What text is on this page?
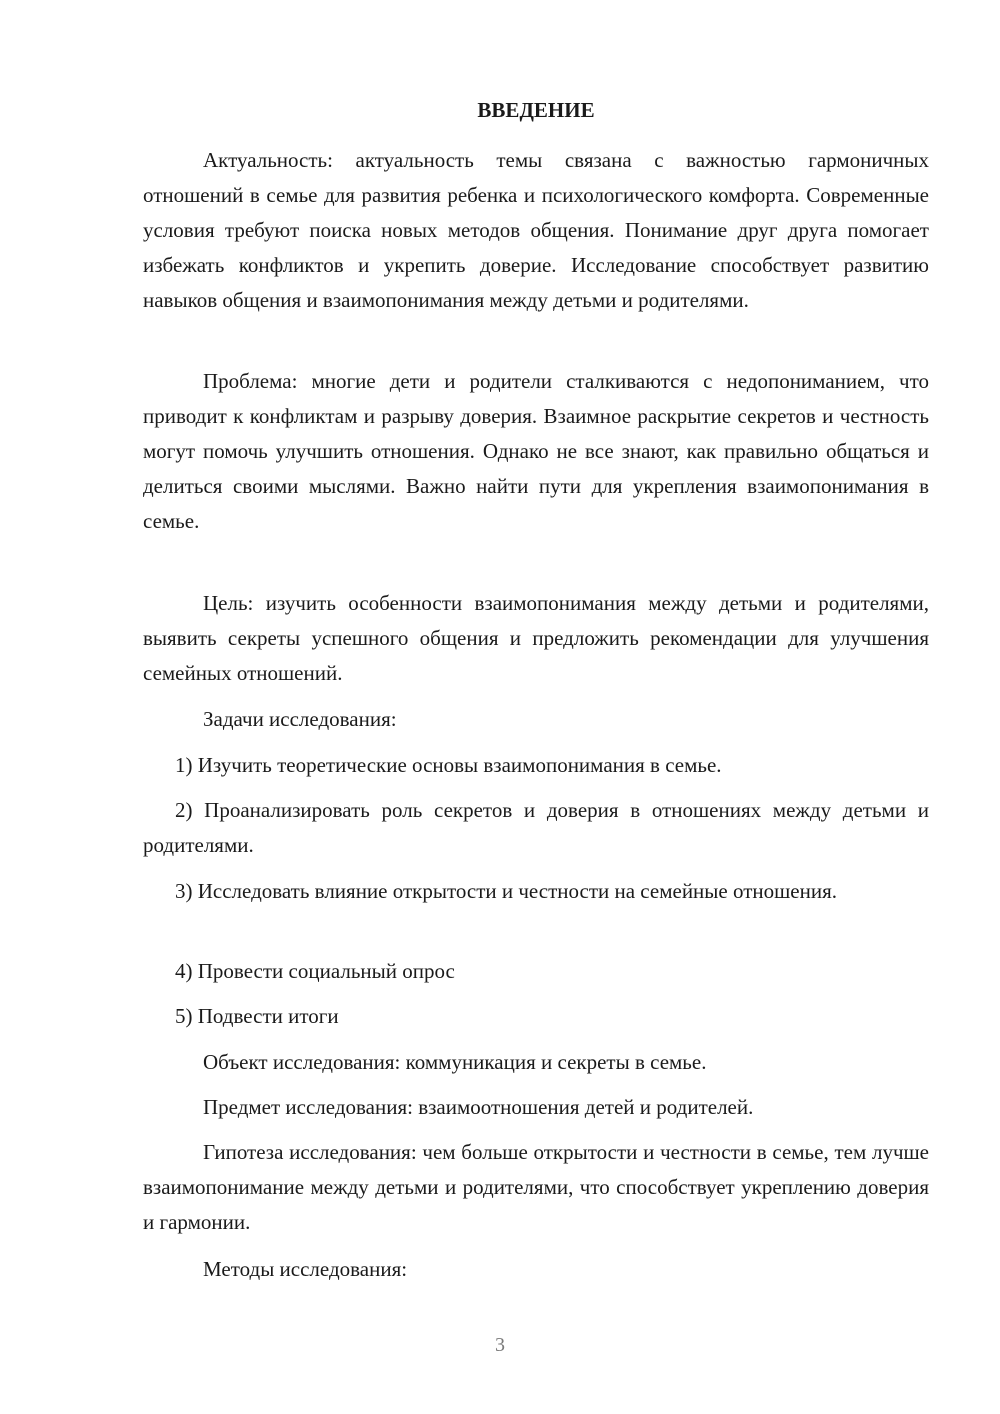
ВВЕДЕНИЕ

Актуальность: актуальность темы связана с важностью гармоничных отношений в семье для развития ребенка и психологического комфорта. Современные условия требуют поиска новых методов общения. Понимание друг друга помогает избежать конфликтов и укрепить доверие. Исследование способствует развитию навыков общения и взаимопонимания между детьми и родителями.

Проблема: многие дети и родители сталкиваются с недопониманием, что приводит к конфликтам и разрыву доверия. Взаимное раскрытие секретов и честность могут помочь улучшить отношения. Однако не все знают, как правильно общаться и делиться своими мыслями. Важно найти пути для укрепления взаимопонимания в семье.

Цель: изучить особенности взаимопонимания между детьми и родителями, выявить секреты успешного общения и предложить рекомендации для улучшения семейных отношений.

Задачи исследования:

1) Изучить теоретические основы взаимопонимания в семье.

2) Проанализировать роль секретов и доверия в отношениях между детьми и родителями.

3) Исследовать влияние открытости и честности на семейные отношения.

4) Провести социальный опрос

5) Подвести итоги

Объект исследования: коммуникация и секреты в семье.

Предмет исследования: взаимоотношения детей и родителей.

Гипотеза исследования: чем больше открытости и честности в семье, тем лучше взаимопонимание между детьми и родителями, что способствует укреплению доверия и гармонии.

Методы исследования:

3
